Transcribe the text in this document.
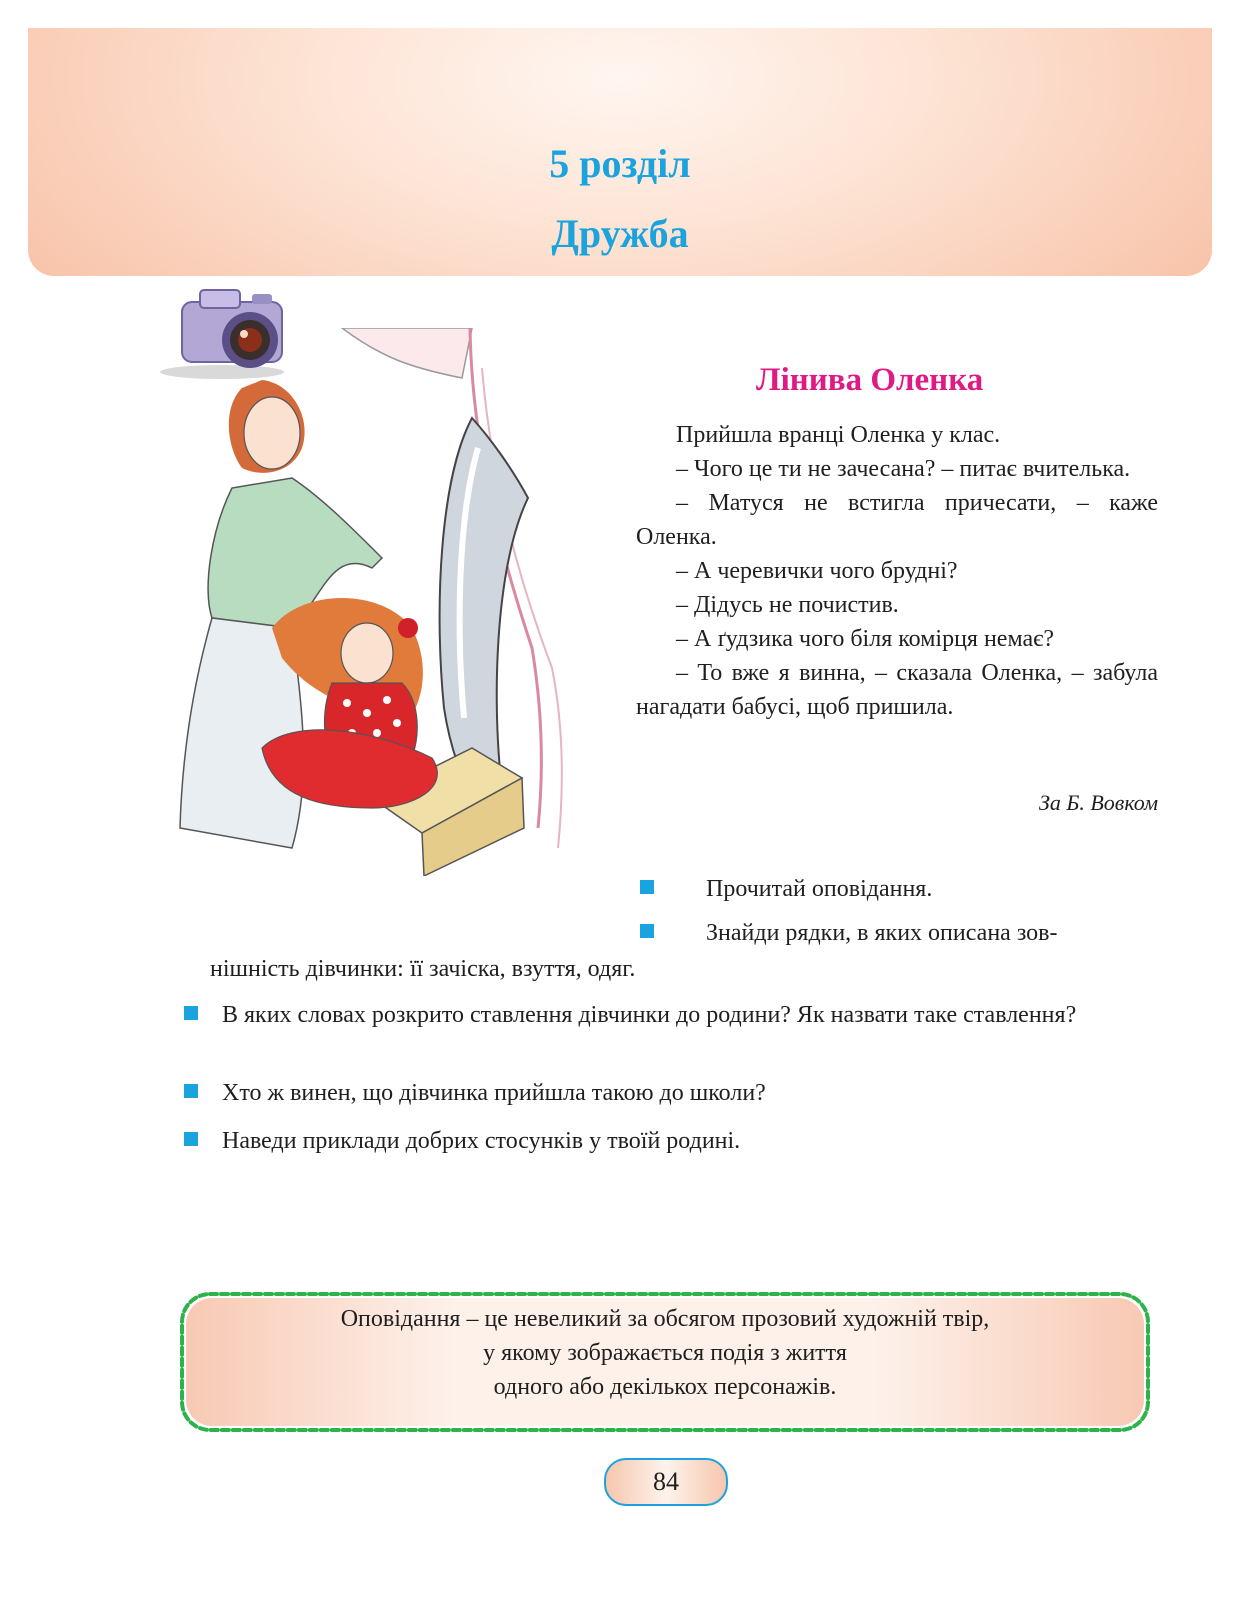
5 розділ
Дружба
Лінива Оленка

Прийшла вранці Оленка у клас.

– Чого це ти не зачесана? – питає вчителька.

– Матуся не встигла причесати, – каже Оленка.

– А черевички чого брудні?

– Дідусь не почистив.

– А ґудзика чого біля комірця немає?

– То вже я винна, – сказала Оленка, – забула нагадати бабусі, щоб пришила.

За Б. Вовком
Прочитай оповідання.
Знайди рядки, в яких описана зов-
нішність дівчинки: її зачіска, взуття, одяг.
В яких словах розкрито ставлення дівчинки до родини? Як назвати таке ставлення?
Хто ж винен, що дівчинка прийшла такою до школи?
Наведи приклади добрих стосунків у твоїй родині.
Оповідання – це невеликий за обсягом прозовий художній твір,
у якому зображається подія з життя
одного або декількох персонажів.
84
